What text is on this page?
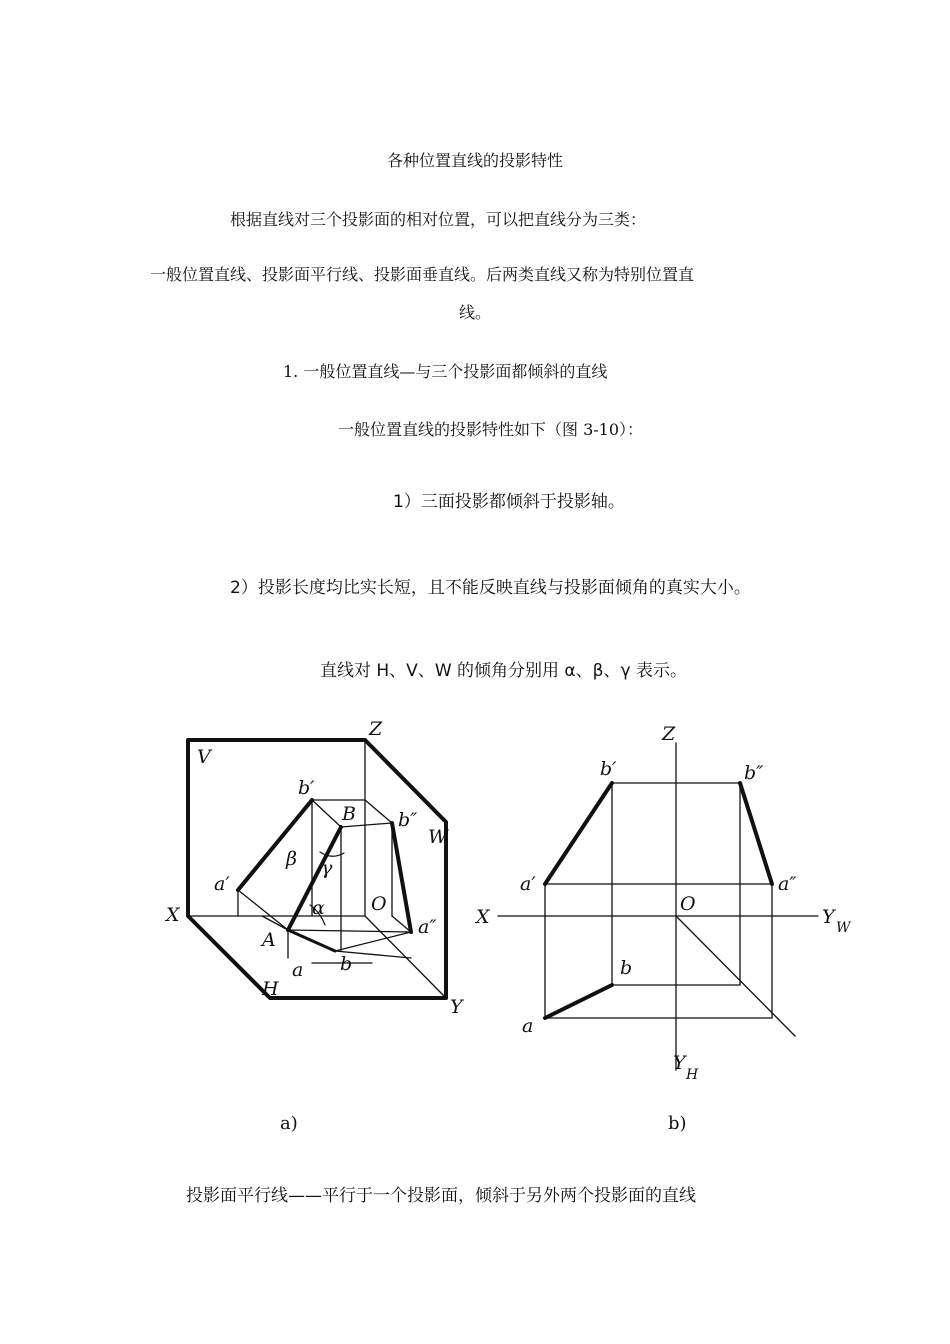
各种位置直线的投影特性
根据直线对三个投影面的相对位置，可以把直线分为三类：
一般位置直线、投影面平行线、投影面垂直线。后两类直线又称为特别位置直
线。
1. 一般位置直线—与三个投影面都倾斜的直线
一般位置直线的投影特性如下（图 3-10）：
1）三面投影都倾斜于投影轴。
2）投影长度均比实长短，且不能反映直线与投影面倾角的真实大小。
直线对 H、V、W 的倾角分别用 α、β、γ 表示。
V
Z
W
X
H
Y
O
A
B
a′
b′
a″
b″
a b
α
β γ
Z
X
O
Y W
Y
H
a′
b′
a″
b″
a
b
a)	b)
投影面平行线——平行于一个投影面，倾斜于另外两个投影面的直线
